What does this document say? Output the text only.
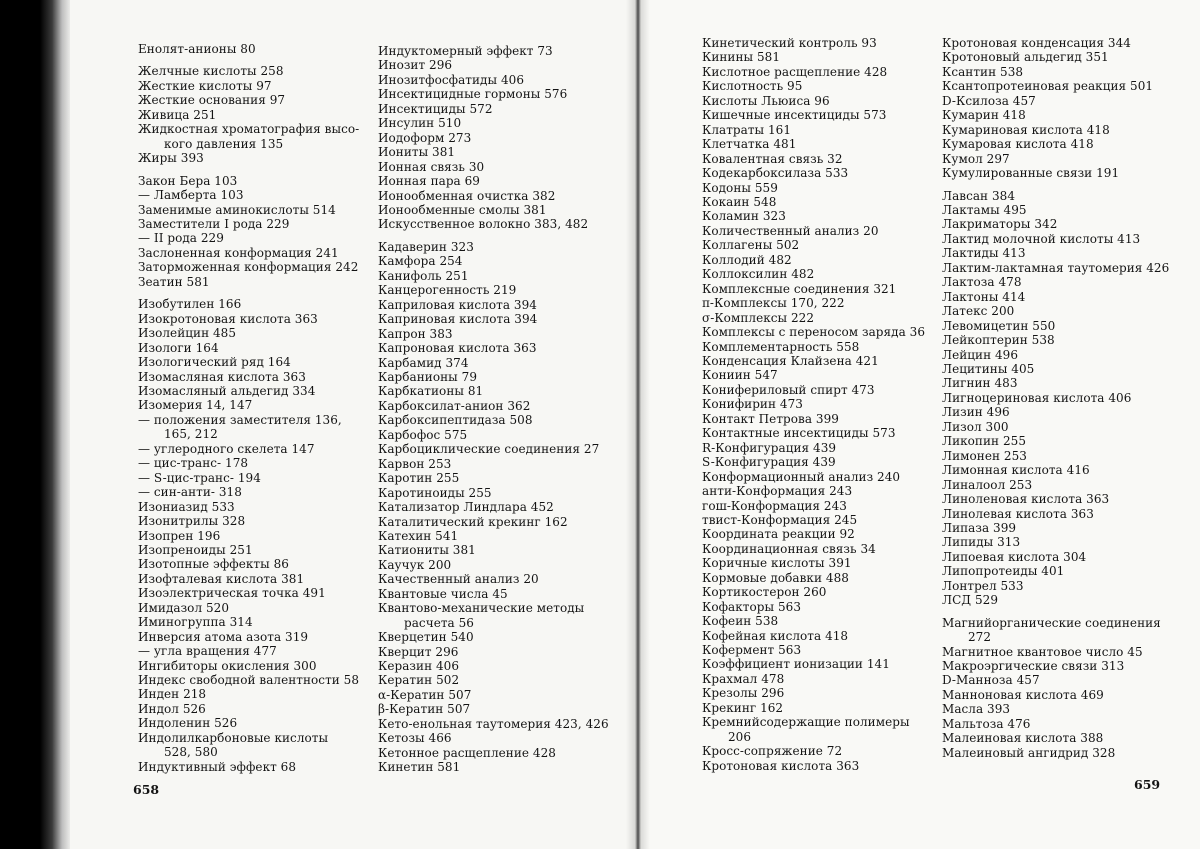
Енолят-анионы 80
Желчные кислоты 258
Жесткие кислоты 97
Жесткие основания 97
Живица 251
Жидкостная хроматография высо-
кого давления 135
Жиры 393
Закон Бера 103
— Ламберта 103
Заменимые аминокислоты 514
Заместители I рода 229
— II рода 229
Заслоненная конформация 241
Заторможенная конформация 242
Зеатин 581
Изобутилен 166
Изокротоновая кислота 363
Изолейцин 485
Изологи 164
Изологический ряд 164
Изомасляная кислота 363
Изомасляный альдегид 334
Изомерия 14, 147
— положения заместителя 136,
165, 212
— углеродного скелета 147
— цис-транс- 178
— S-цис-транс- 194
— син-анти- 318
Изониазид 533
Изонитрилы 328
Изопрен 196
Изопреноиды 251
Изотопные эффекты 86
Изофталевая кислота 381
Изоэлектрическая точка 491
Имидазол 520
Иминогруппа 314
Инверсия атома азота 319
— угла вращения 477
Ингибиторы окисления 300
Индекс свободной валентности 58
Инден 218
Индол 526
Индоленин 526
Индолилкарбоновые кислоты
528, 580
Индуктивный эффект 68
Индуктомерный эффект 73
Инозит 296
Инозитфосфатиды 406
Инсектицидные гормоны 576
Инсектициды 572
Инсулин 510
Иодоформ 273
Иониты 381
Ионная связь 30
Ионная пара 69
Ионообменная очистка 382
Ионообменные смолы 381
Искусственное волокно 383, 482
Кадаверин 323
Камфора 254
Канифоль 251
Канцерогенность 219
Каприловая кислота 394
Каприновая кислота 394
Капрон 383
Капроновая кислота 363
Карбамид 374
Карбанионы 79
Карбкатионы 81
Карбоксилат-анион 362
Карбоксипептидаза 508
Карбофос 575
Карбоциклические соединения 27
Карвон 253
Каротин 255
Каротиноиды 255
Катализатор Линдлара 452
Каталитический крекинг 162
Катехин 541
Катиониты 381
Каучук 200
Качественный анализ 20
Квантовые числа 45
Квантово-механические методы
расчета 56
Кверцетин 540
Кверцит 296
Керазин 406
Кератин 502
α-Кератин 507
β-Кератин 507
Кето-енольная таутомерия 423, 426
Кетозы 466
Кетонное расщепление 428
Кинетин 581
Кинетический контроль 93
Кинины 581
Кислотное расщепление 428
Кислотность 95
Кислоты Льюиса 96
Кишечные инсектициды 573
Клатраты 161
Клетчатка 481
Ковалентная связь 32
Кодекарбоксилаза 533
Кодоны 559
Кокаин 548
Коламин 323
Количественный анализ 20
Коллагены 502
Коллодий 482
Коллоксилин 482
Комплексные соединения 321
π-Комплексы 170, 222
σ-Комплексы 222
Комплексы с переносом заряда 36
Комплементарность 558
Конденсация Клайзена 421
Кониин 547
Конифериловый спирт 473
Конифирин 473
Контакт Петрова 399
Контактные инсектициды 573
R-Конфигурация 439
S-Конфигурация 439
Конформационный анализ 240
анти-Конформация 243
гош-Конформация 243
твист-Конформация 245
Координата реакции 92
Координационная связь 34
Коричные кислоты 391
Кормовые добавки 488
Кортикостерон 260
Кофакторы 563
Кофеин 538
Кофейная кислота 418
Кофермент 563
Коэффициент ионизации 141
Крахмал 478
Крезолы 296
Крекинг 162
Кремнийсодержащие полимеры
206
Кросс-сопряжение 72
Кротоновая кислота 363
Кротоновая конденсация 344
Кротоновый альдегид 351
Ксантин 538
Ксантопротеиновая реакция 501
D-Ксилоза 457
Кумарин 418
Кумариновая кислота 418
Кумаровая кислота 418
Кумол 297
Кумулированные связи 191
Лавсан 384
Лактамы 495
Лакриматоры 342
Лактид молочной кислоты 413
Лактиды 413
Лактим-лактамная таутомерия 426
Лактоза 478
Лактоны 414
Латекс 200
Левомицетин 550
Лейкоптерин 538
Лейцин 496
Лецитины 405
Лигнин 483
Лигноцериновая кислота 406
Лизин 496
Лизол 300
Ликопин 255
Лимонен 253
Лимонная кислота 416
Линалоол 253
Линоленовая кислота 363
Линолевая кислота 363
Липаза 399
Липиды 313
Липоевая кислота 304
Липопротеиды 401
Лонтрел 533
ЛСД 529
Магнийорганические соединения
272
Магнитное квантовое число 45
Макроэргические связи 313
D-Манноза 457
Маннoновая кислота 469
Масла 393
Мальтоза 476
Малеиновая кислота 388
Малеиновый ангидрид 328
658	659
